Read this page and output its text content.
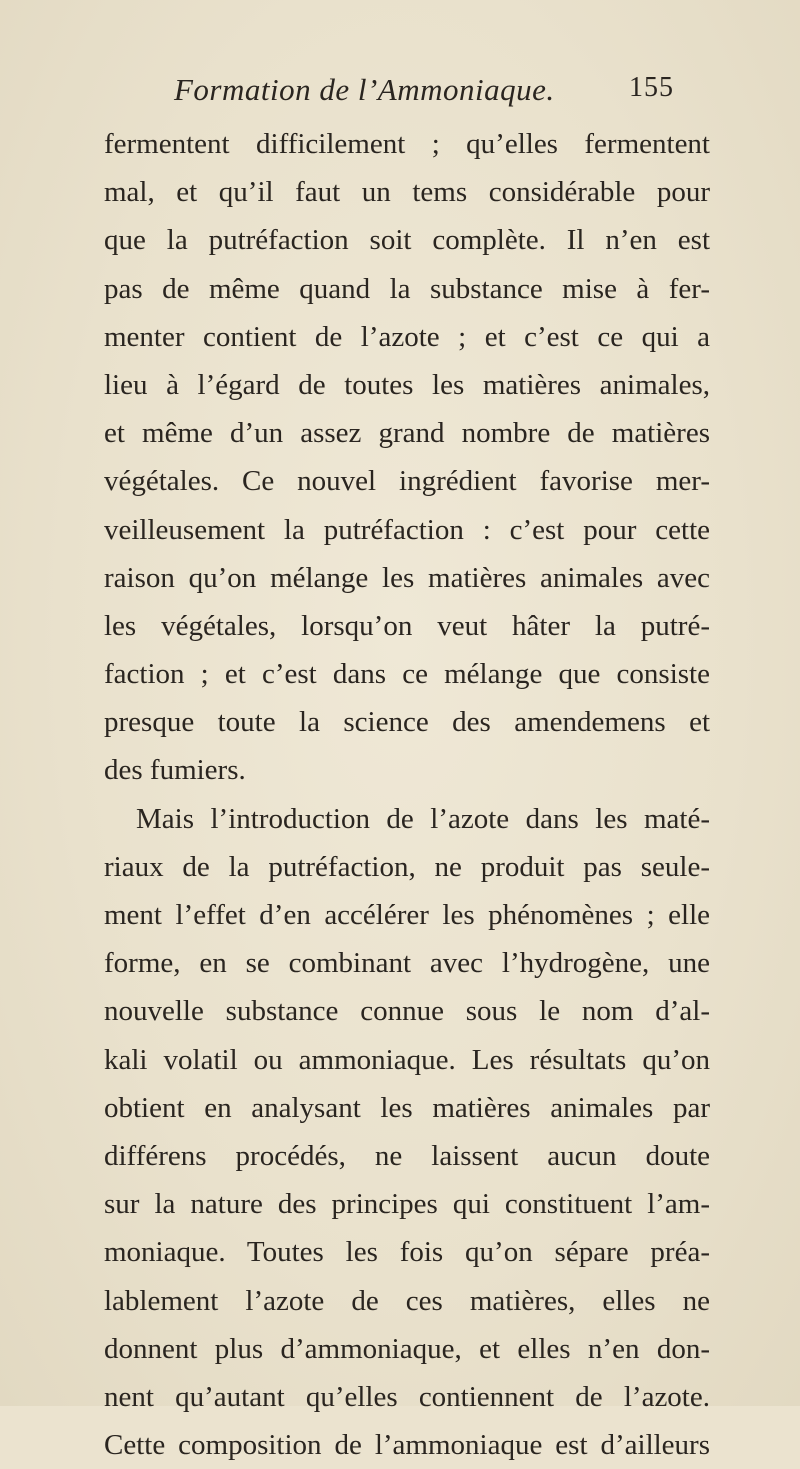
Formation de l’Ammoniaque.	155
fermentent difficilement ; qu’elles fermentent
mal, et qu’il faut un tems considérable pour
que la putréfaction soit complète. Il n’en est
pas de même quand la substance mise à fer-
menter contient de l’azote ; et c’est ce qui a
lieu à l’égard de toutes les matières animales,
et même d’un assez grand nombre de matières
végétales. Ce nouvel ingrédient favorise mer-
veilleusement la putréfaction : c’est pour cette
raison qu’on mélange les matières animales avec
les végétales, lorsqu’on veut hâter la putré-
faction ; et c’est dans ce mélange que consiste
presque toute la science des amendemens et
des fumiers.
Mais l’introduction de l’azote dans les maté-
riaux de la putréfaction, ne produit pas seule-
ment l’effet d’en accélérer les phénomènes ; elle
forme, en se combinant avec l’hydrogène, une
nouvelle substance connue sous le nom d’al-
kali volatil ou ammoniaque. Les résultats qu’on
obtient en analysant les matières animales par
différens procédés, ne laissent aucun doute
sur la nature des principes qui constituent l’am-
moniaque. Toutes les fois qu’on sépare préa-
lablement l’azote de ces matières, elles ne
donnent plus d’ammoniaque, et elles n’en don-
nent qu’autant qu’elles contiennent de l’azote.
Cette composition de l’ammoniaque est d’ailleurs
